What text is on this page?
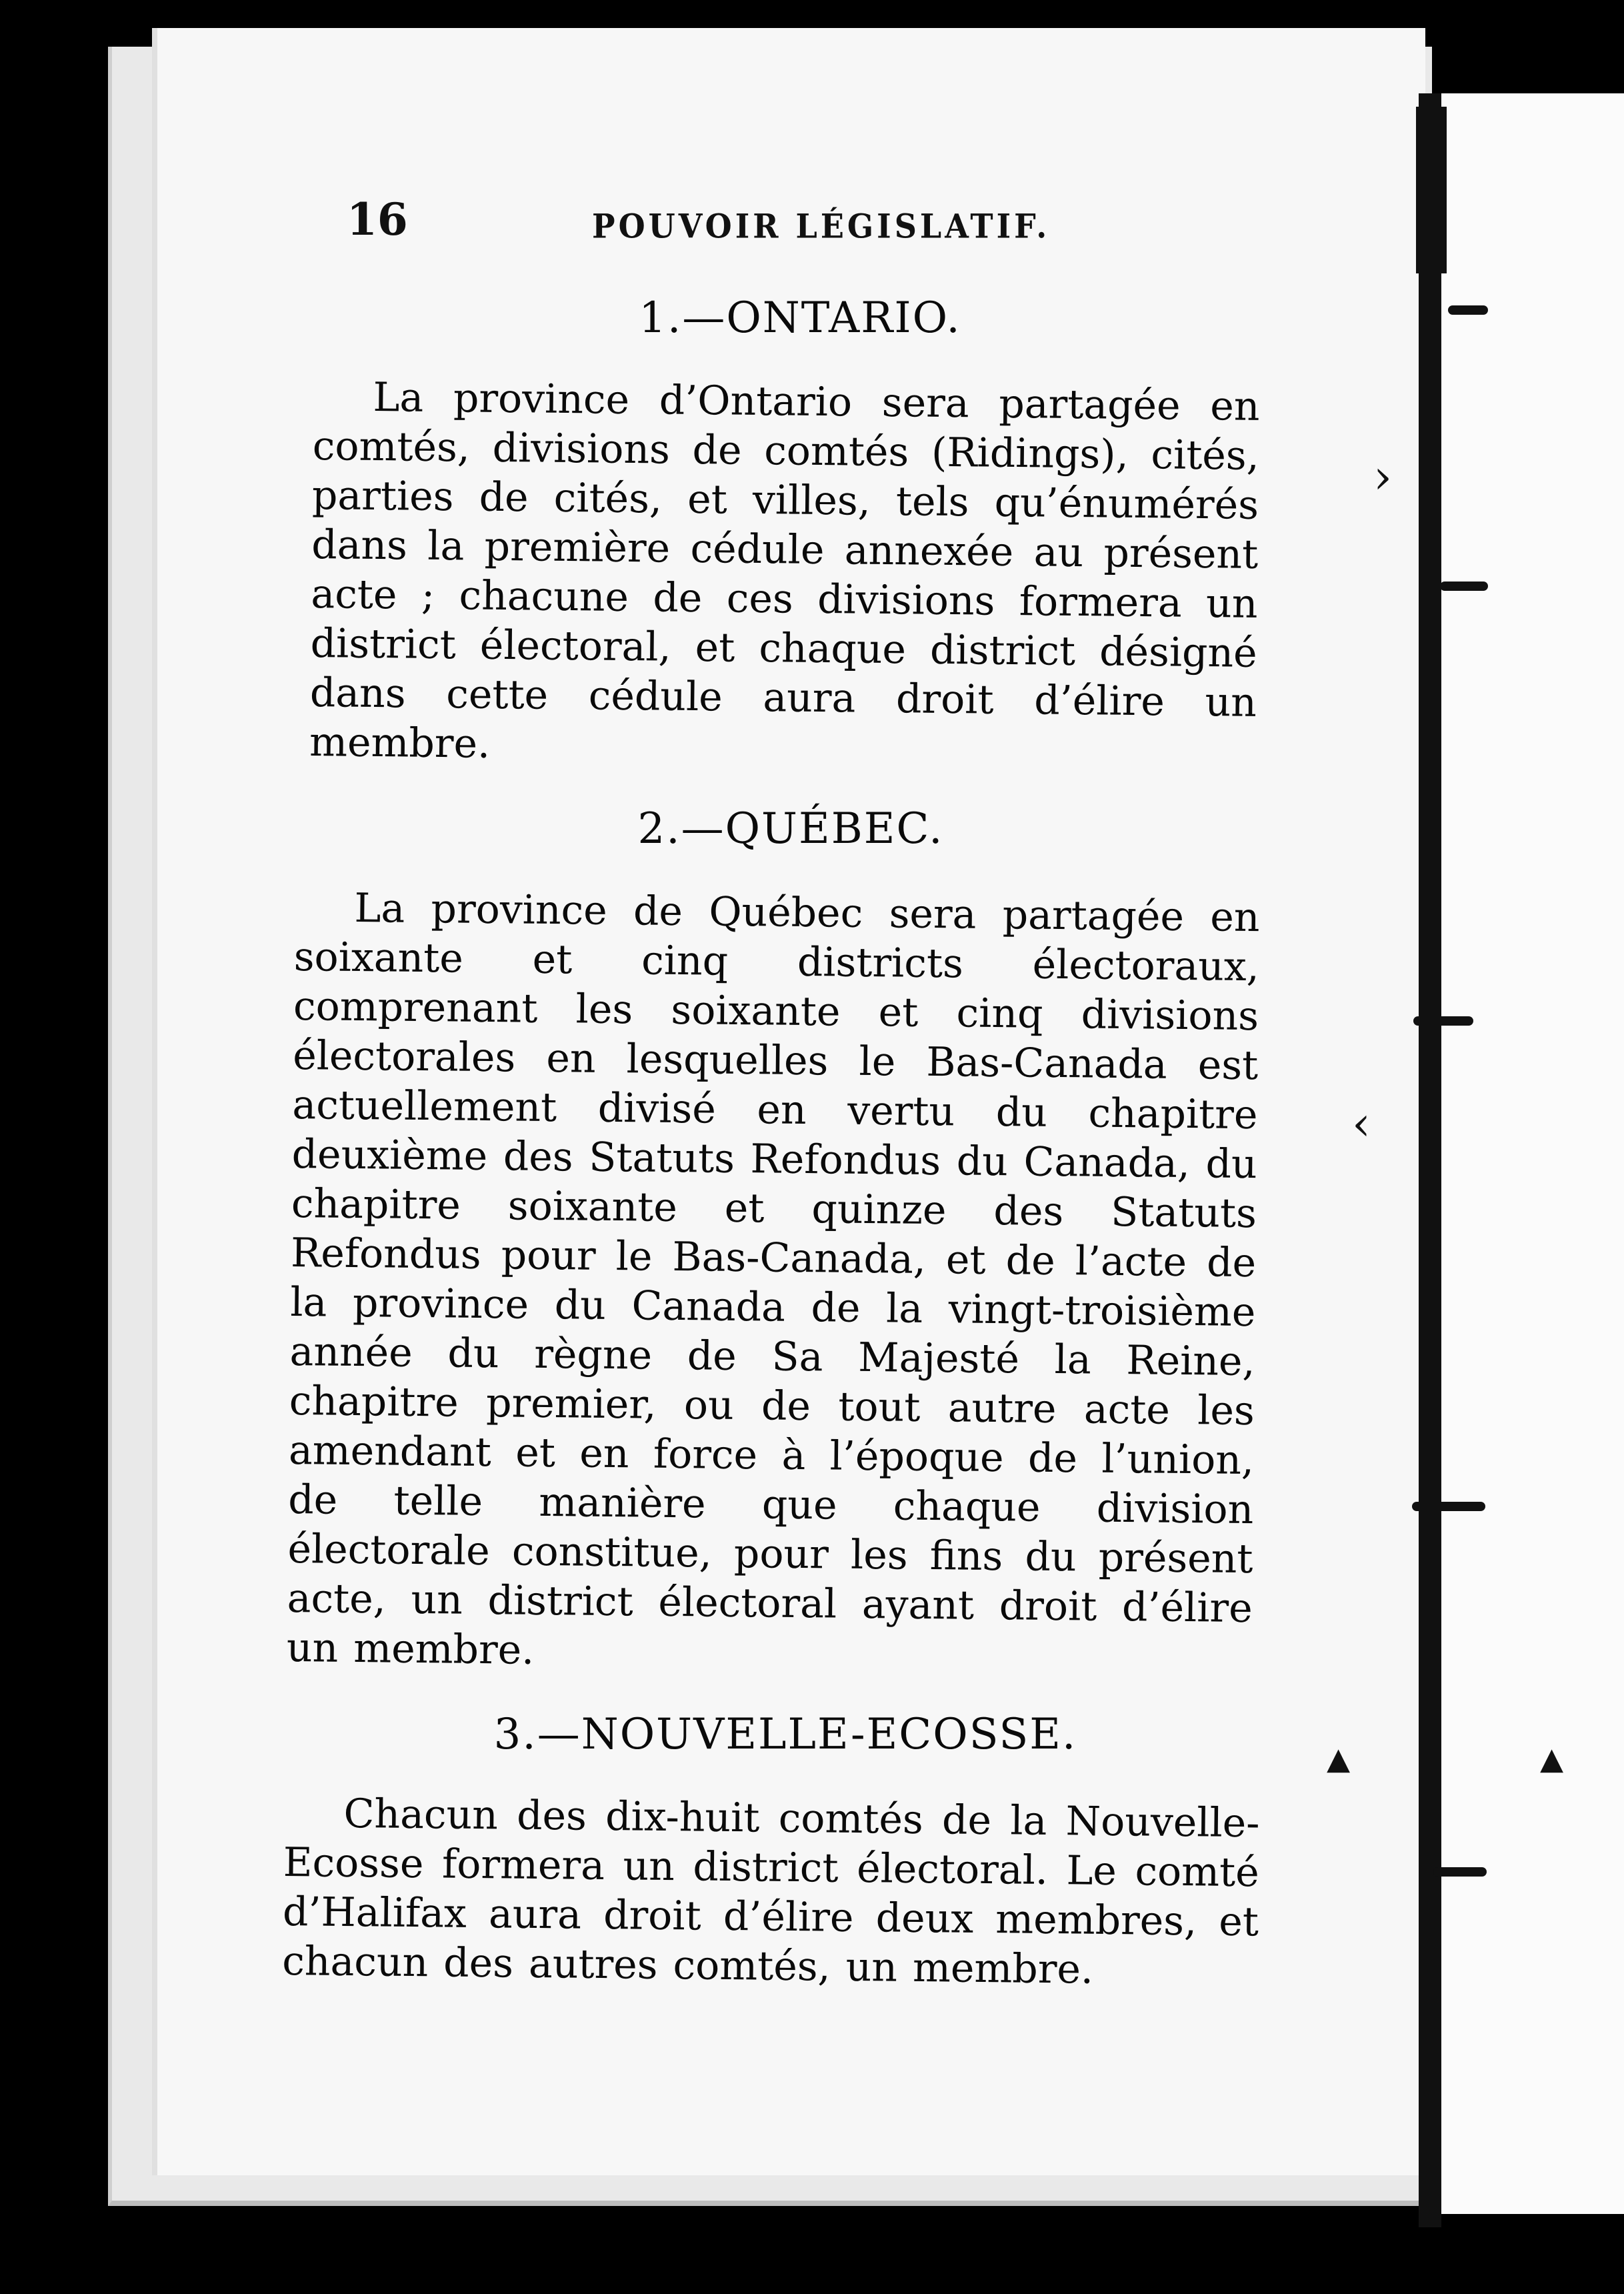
›
‹
▴	▴
16	POUVOIR LÉGISLATIF.
1.—ONTARIO.

La province d’Ontario sera partagée en comtés, divisions de comtés (Ridings), cités, parties de cités, et villes, tels qu’énumérés dans la première cédule annexée au présent acte ; chacune de ces divisions formera un district électoral, et chaque district désigné dans cette cédule aura droit d’élire un membre.

2.—QUÉBEC.

La province de Québec sera partagée en soixante et cinq districts électoraux, comprenant les soixante et cinq divisions électorales en lesquelles le Bas-Canada est actuellement divisé en vertu du chapitre deuxième des Statuts Refondus du Canada, du chapitre soixante et quinze des Statuts Refondus pour le Bas-Canada, et de l’acte de la province du Canada de la vingt-troisième année du règne de Sa Majesté la Reine, chapitre premier, ou de tout autre acte les amendant et en force à l’époque de l’union, de telle manière que chaque division électorale constitue, pour les fins du présent acte, un district électoral ayant droit d’élire un membre.

3.—NOUVELLE-ECOSSE.

Chacun des dix-huit comtés de la Nouvelle-Ecosse formera un district électoral. Le comté d’Halifax aura droit d’élire deux membres, et chacun des autres comtés, un membre.
